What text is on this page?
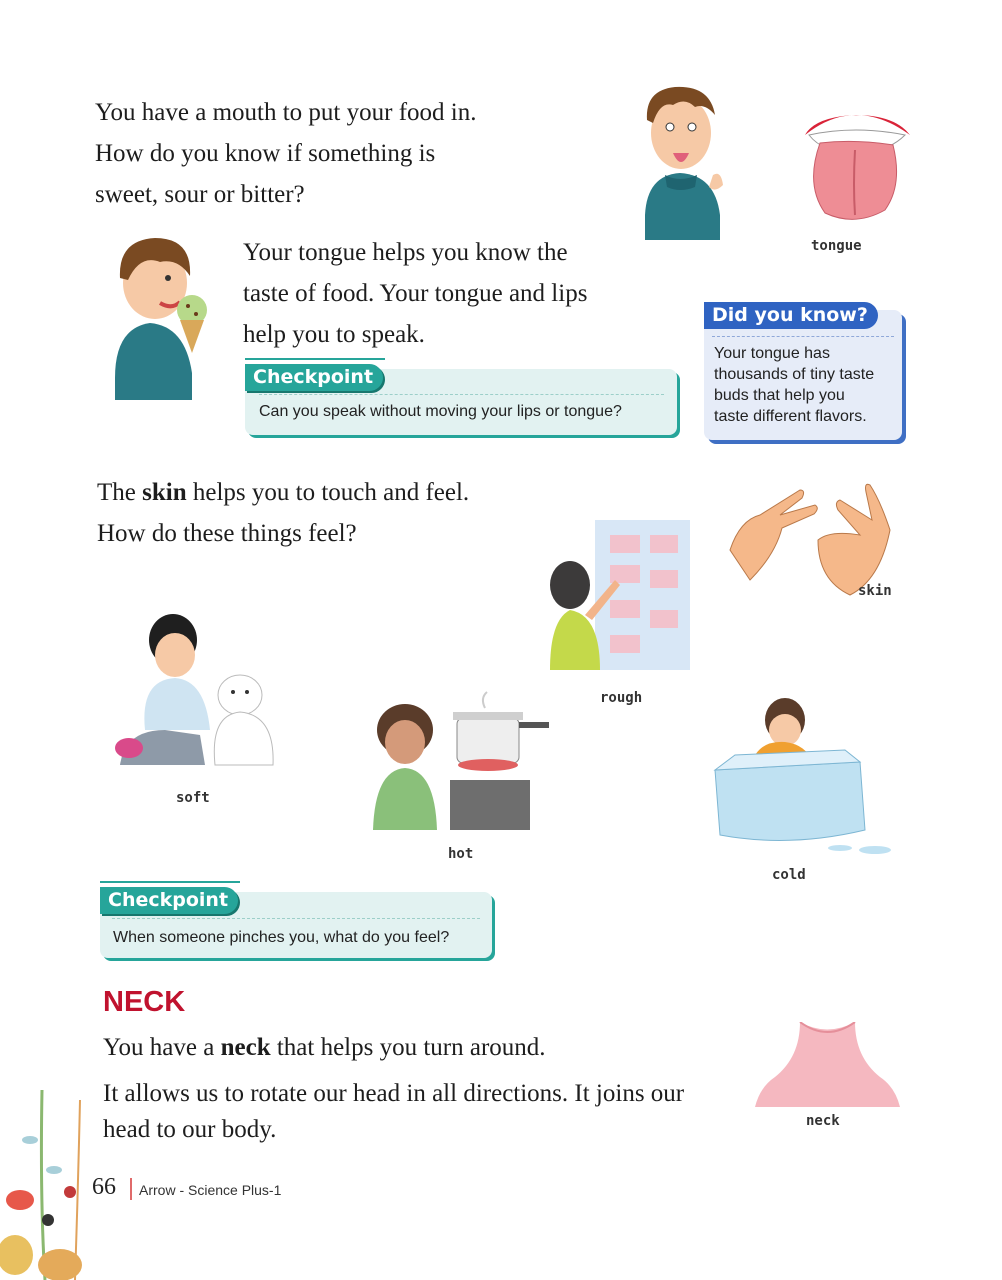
You have a mouth to put your food in.
How do you know if something is
sweet, sour or bitter?
tongue
Your tongue helps you know the
taste of food. Your tongue and lips
help you to speak.
Checkpoint
Can you speak without moving your lips or tongue?
Did you know?
Your tongue has
thousands of tiny taste
buds that help you
taste different flavors.
The skin helps you to touch and feel.
How do these things feel?
skin
rough
soft
hot
cold
Checkpoint
When someone pinches you, what do you feel?
NECK
You have a neck that helps you turn around.
It allows us to rotate our head in all directions. It joins our
head to our body.	neck
66 Arrow - Science Plus-1
